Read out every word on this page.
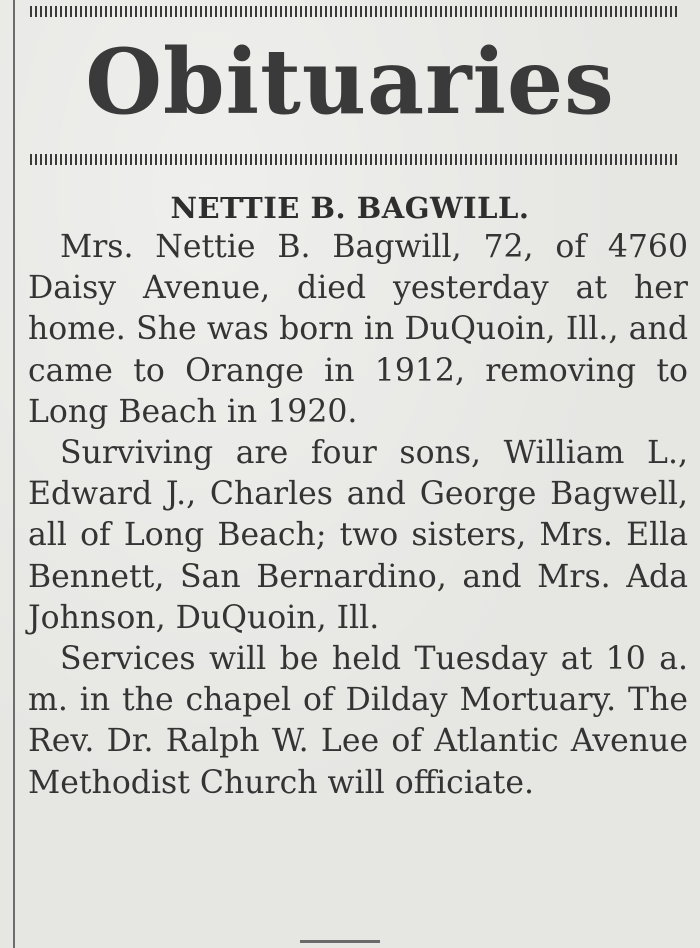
Obituaries
NETTIE B. BAGWILL.

Mrs. Nettie B. Bagwill, 72, of 4760 Daisy Avenue, died yesterday at her home. She was born in DuQuoin, Ill., and came to Orange in 1912, removing to Long Beach in 1920.

Surviving are four sons, William L., Edward J., Charles and George Bagwell, all of Long Beach; two sisters, Mrs. Ella Bennett, San Bernardino, and Mrs. Ada Johnson, DuQuoin, Ill.

Services will be held Tuesday at 10 a. m. in the chapel of Dilday Mortuary. The Rev. Dr. Ralph W. Lee of Atlantic Avenue Methodist Church will officiate.
